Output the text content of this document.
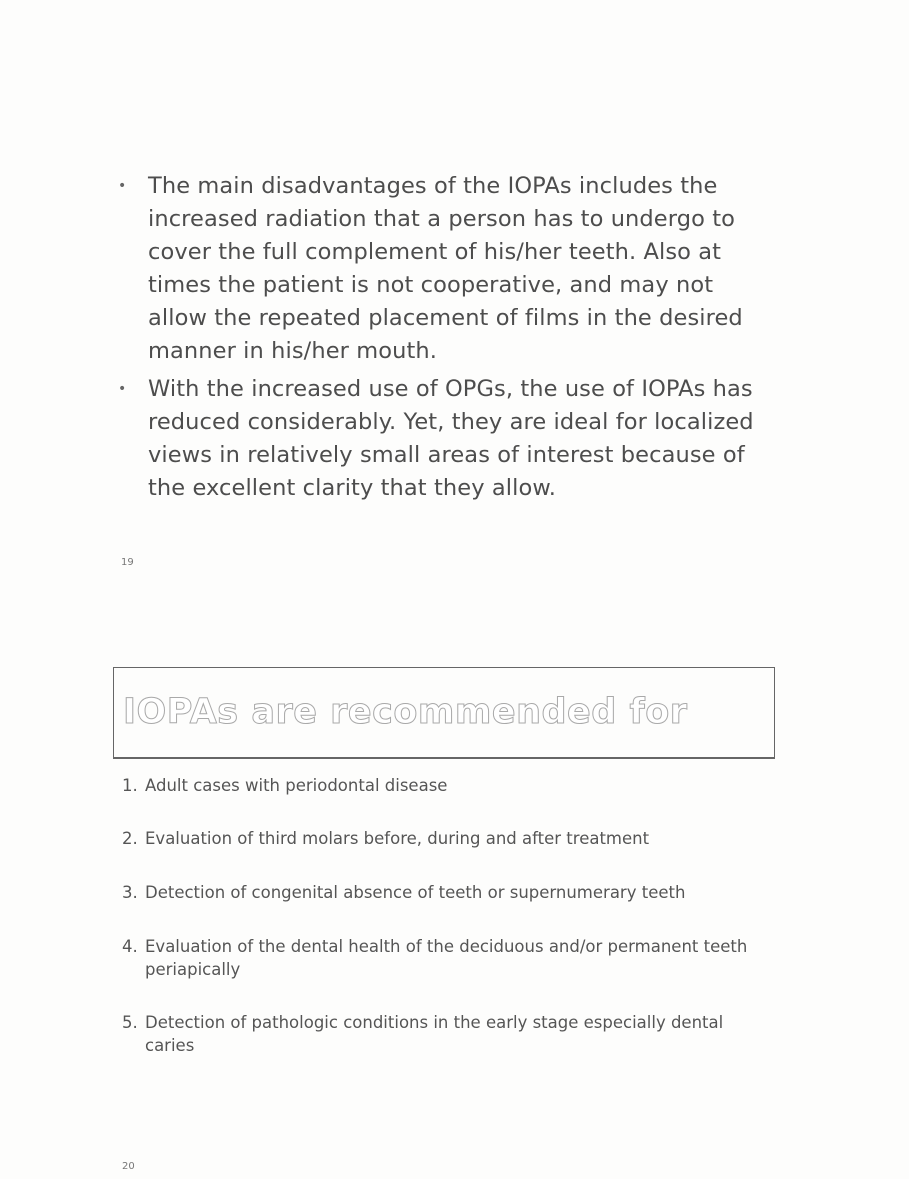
• The main disadvantages of the IOPAs includes the increased radiation that a person has to undergo to cover the full complement of his/her teeth. Also at times the patient is not cooperative, and may not allow the repeated placement of films in the desired manner in his/her mouth.
• With the increased use of OPGs, the use of IOPAs has reduced considerably. Yet, they are ideal for localized views in relatively small areas of interest because of the excellent clarity that they allow.
19
IOPAs are recommended for
1. Adult cases with periodontal disease
2. Evaluation of third molars before, during and after treatment
3. Detection of congenital absence of teeth or supernumerary teeth
4. Evaluation of the dental health of the deciduous and/or permanent teeth periapically
5. Detection of pathologic conditions in the early stage especially dental caries
20
